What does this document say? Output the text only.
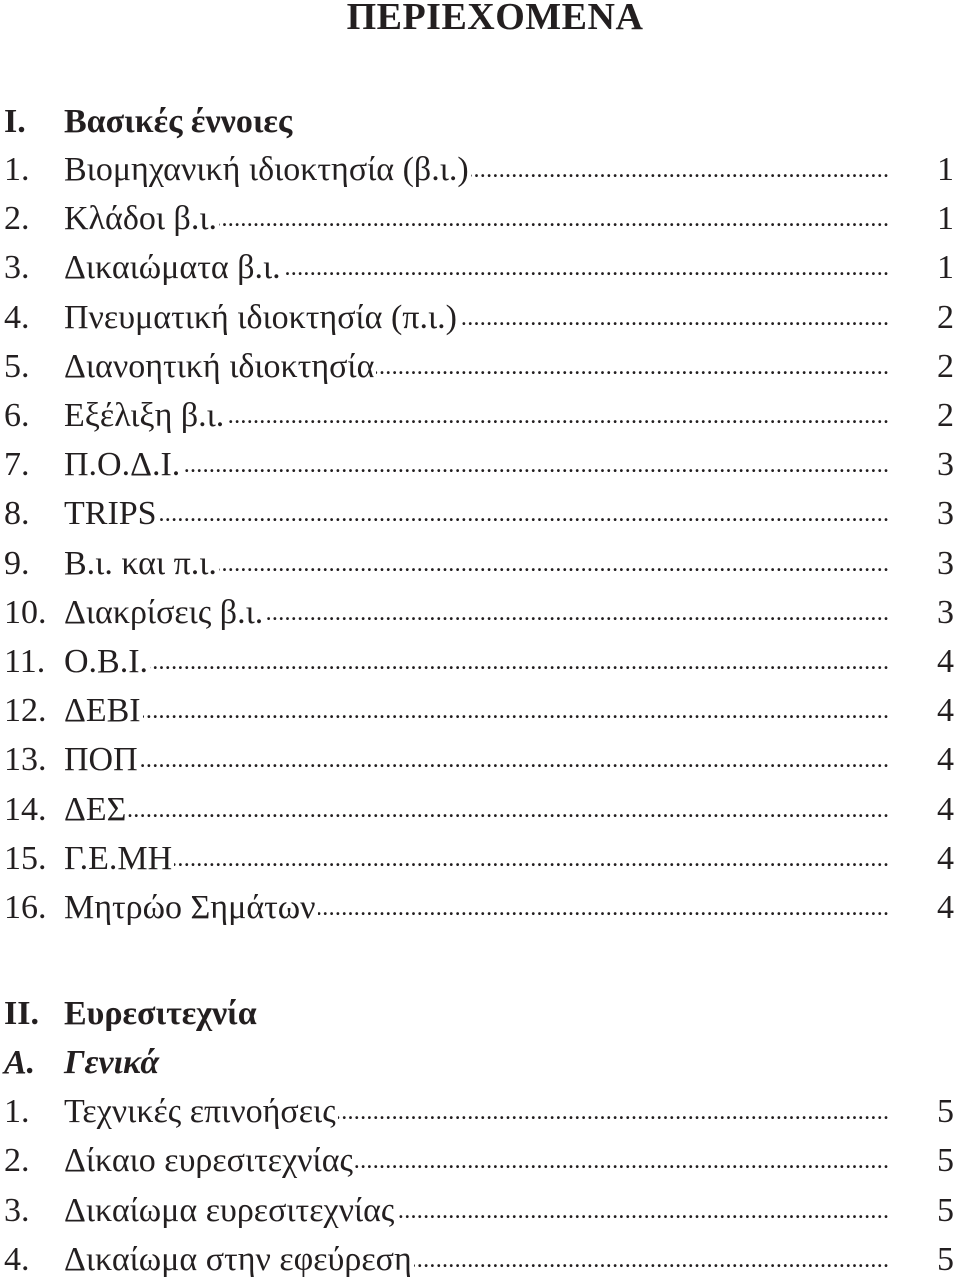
ΠΕΡΙΕΧΟΜΕΝΑ
I. Βασικές έννοιες
1. Βιομηχανική ιδιοκτησία (β.ι.) .....	1
2. Κλάδοι β.ι. .....	1
3. Δικαιώματα β.ι. .....	1
4. Πνευματική ιδιοκτησία (π.ι.) .....	2
5. Διανοητική ιδιοκτησία .....	2
6. Εξέλιξη β.ι. .....	2
7. Π.Ο.Δ.Ι. .....	3
8. TRIPS .....	3
9. Β.ι. και π.ι. .....	3
10. Διακρίσεις β.ι. .....	3
11. Ο.Β.Ι. .....	4
12. ΔΕΒΙ .....	4
13. ΠΟΠ .....	4
14. ΔΕΣ .....	4
15. Γ.Ε.ΜΗ .....	4
16. Μητρώο Σημάτων .....	4
II. Ευρεσιτεχνία
Α. Γενικά
1. Τεχνικές επινοήσεις .....	5
2. Δίκαιο ευρεσιτεχνίας .....	5
3. Δικαίωμα ευρεσιτεχνίας .....	5
4. Δικαίωμα στην εφεύρεση .....	5
